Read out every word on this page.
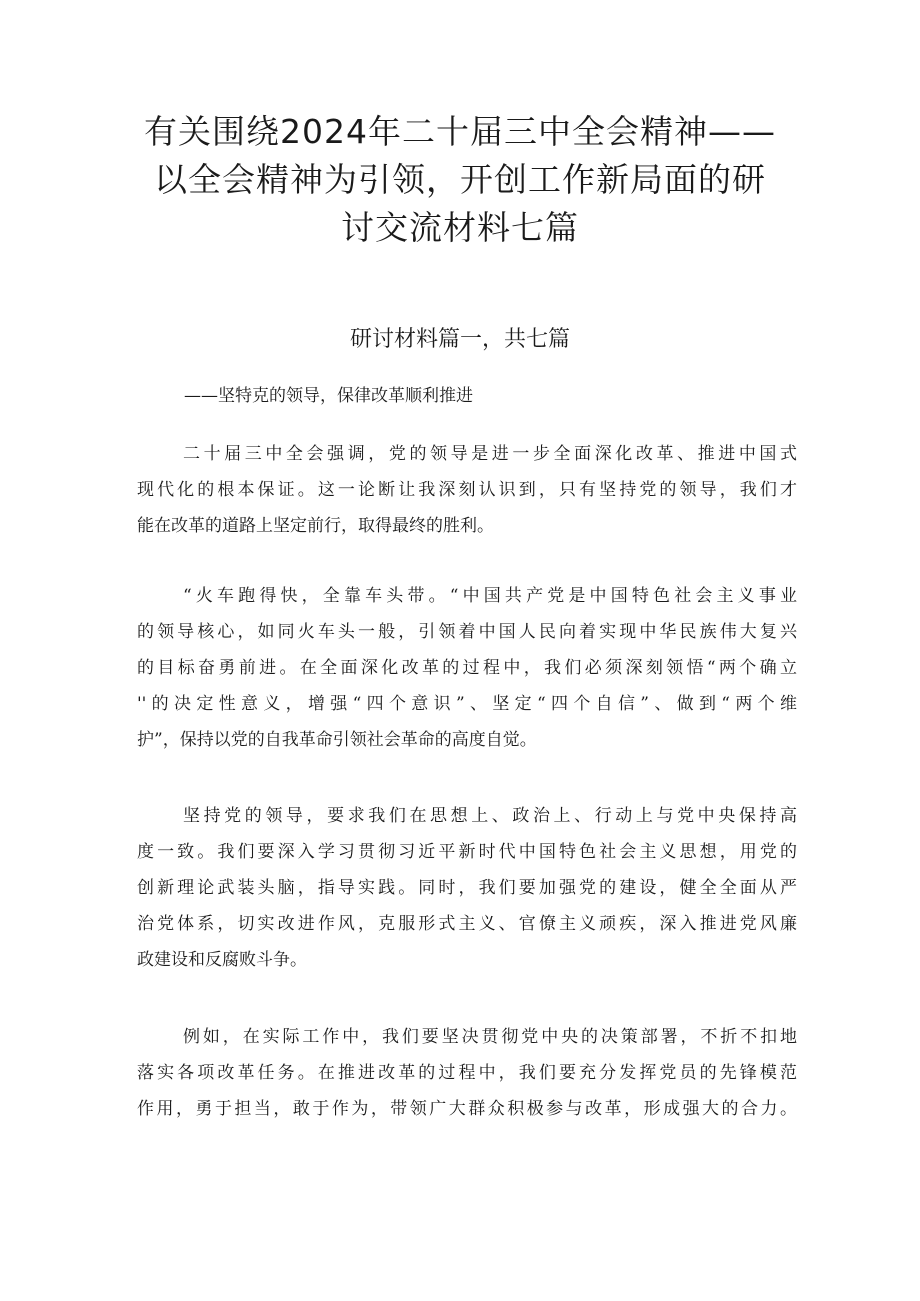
有关围绕2024年二十届三中全会精神——
以全会精神为引领，开创工作新局面的研
讨交流材料七篇
研讨材料篇一，共七篇
——坚特克的领导，保律改革顺利推进
二十届三中全会强调，党的领导是进一步全面深化改革、推进中国式
现代化的根本保证。这一论断让我深刻认识到，只有坚持党的领导，我们才
能在改革的道路上坚定前行，取得最终的胜利。
“火车跑得快，全靠车头带。“中国共产党是中国特色社会主义事业
的领导核心，如同火车头一般，引领着中国人民向着实现中华民族伟大复兴
的目标奋勇前进。在全面深化改革的过程中，我们必须深刻领悟“两个确立
''的决定性意义，增强“四个意识”、坚定“四个自信”、做到“两个维
护”，保持以党的自我革命引领社会革命的高度自觉。
坚持党的领导，要求我们在思想上、政治上、行动上与党中央保持高
度一致。我们要深入学习贯彻习近平新时代中国特色社会主义思想，用党的
创新理论武装头脑，指导实践。同时，我们要加强党的建设，健全全面从严
治党体系，切实改进作风，克服形式主义、官僚主义顽疾，深入推进党风廉
政建设和反腐败斗争。
例如，在实际工作中，我们要坚决贯彻党中央的决策部署，不折不扣地
落实各项改革任务。在推进改革的过程中，我们要充分发挥党员的先锋模范
作用，勇于担当，敢于作为，带领广大群众积极参与改革，形成强大的合力。
